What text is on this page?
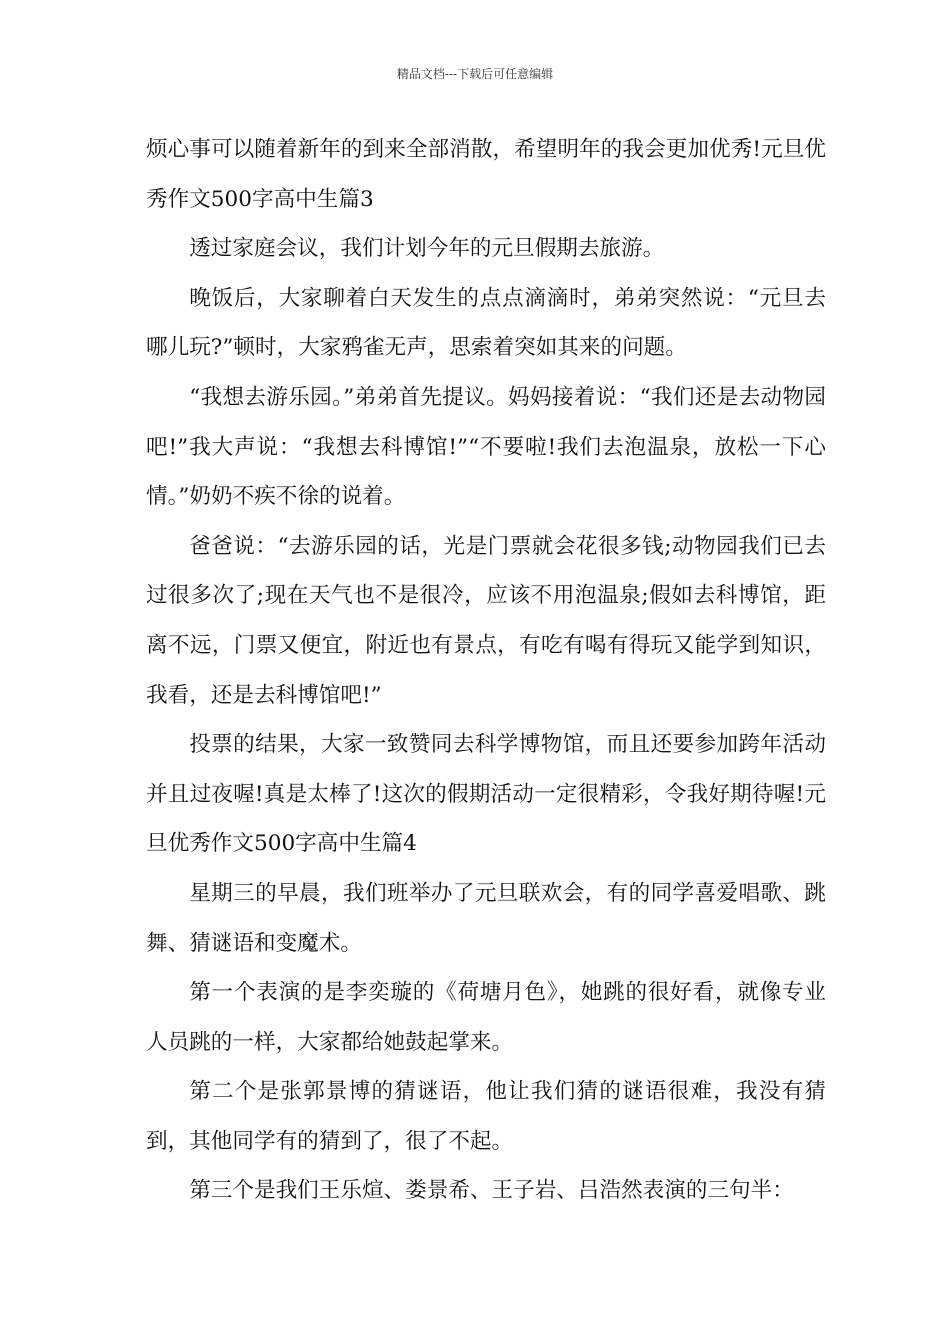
精品文档---下载后可任意编辑

烦心事可以随着新年的到来全部消散，希望明年的我会更加优秀!元旦优秀作文500字高中生篇3

透过家庭会议，我们计划今年的元旦假期去旅游。

晚饭后，大家聊着白天发生的点点滴滴时，弟弟突然说：“元旦去哪儿玩?”顿时，大家鸦雀无声，思索着突如其来的问题。

“我想去游乐园。”弟弟首先提议。妈妈接着说：“我们还是去动物园吧!”我大声说：“我想去科博馆!”“不要啦!我们去泡温泉，放松一下心情。”奶奶不疾不徐的说着。

爸爸说：“去游乐园的话，光是门票就会花很多钱;动物园我们已去过很多次了;现在天气也不是很冷，应该不用泡温泉;假如去科博馆，距离不远，门票又便宜，附近也有景点，有吃有喝有得玩又能学到知识，我看，还是去科博馆吧!”

投票的结果，大家一致赞同去科学博物馆，而且还要参加跨年活动并且过夜喔!真是太棒了!这次的假期活动一定很精彩，令我好期待喔!元旦优秀作文500字高中生篇4

星期三的早晨，我们班举办了元旦联欢会，有的同学喜爱唱歌、跳舞、猜谜语和变魔术。

第一个表演的是李奕璇的《荷塘月色》，她跳的很好看，就像专业人员跳的一样，大家都给她鼓起掌来。

第二个是张郭景博的猜谜语，他让我们猜的谜语很难，我没有猜到，其他同学有的猜到了，很了不起。

第三个是我们王乐煊、娄景希、王子岩、吕浩然表演的三句半：
